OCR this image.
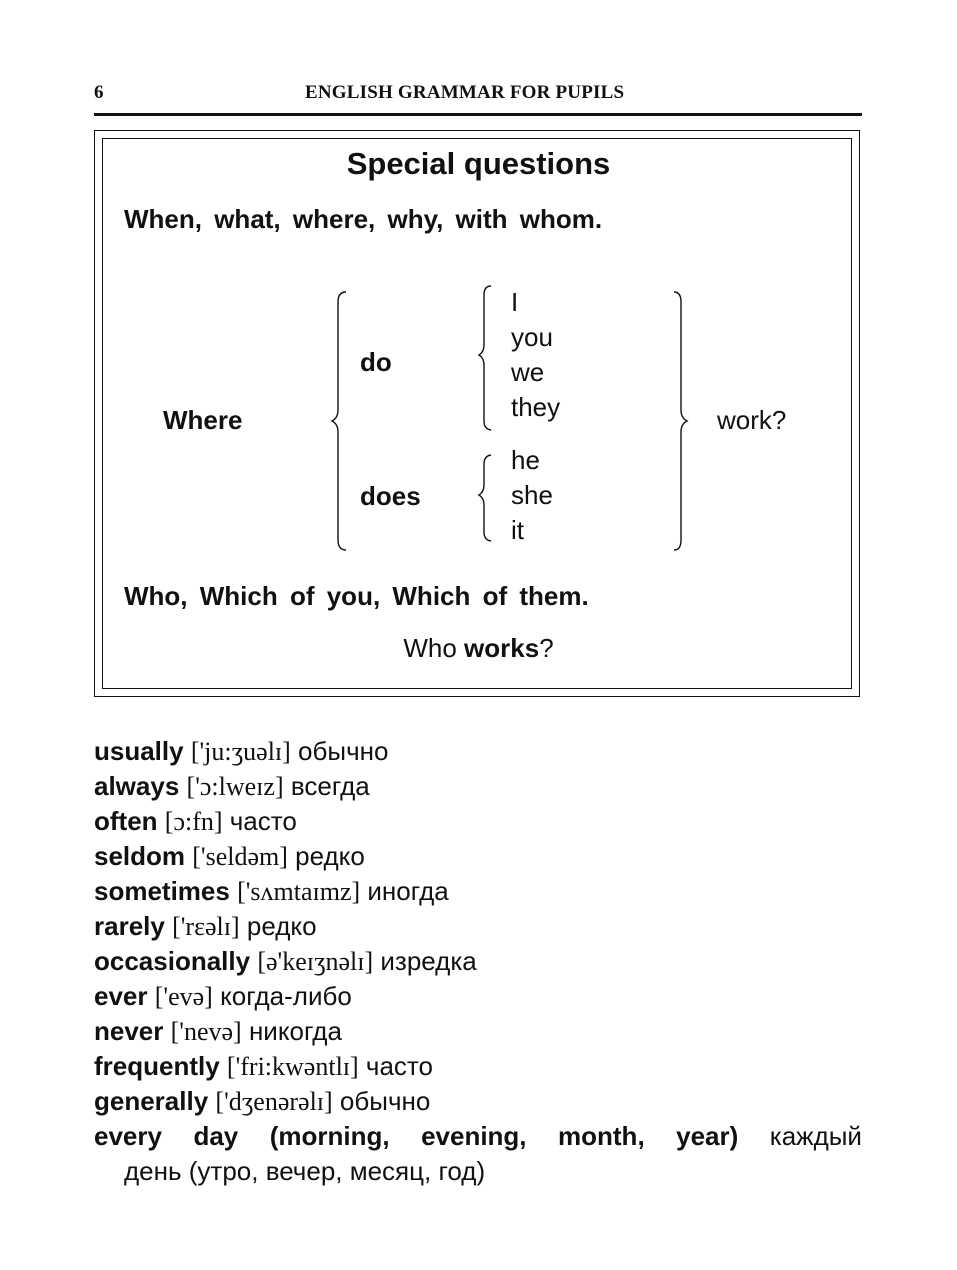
6	ENGLISH GRAMMAR FOR PUPILS
Special questions
When, what, where, why, with whom.
Where
do
does
I
you
we
they
he
she
it
work?
Who, Which of you, Which of them.
Who works?
usually ['ju:ʒuəlɪ] обычно
always ['ɔ:lweɪz] всегда
often [ɔ:fn] часто
seldom ['seldəm] редко
sometimes ['sʌmtaɪmz] иногда
rarely ['rɛəlɪ] редко
occasionally [ə'keɪʒnəlɪ] изредка
ever ['evə] когда-либо
never ['nevə] никогда
frequently ['fri:kwəntlɪ] часто
generally ['dʒenərəlɪ] обычно
every day (morning, evening, month, year) каждый
день (утро, вечер, месяц, год)
